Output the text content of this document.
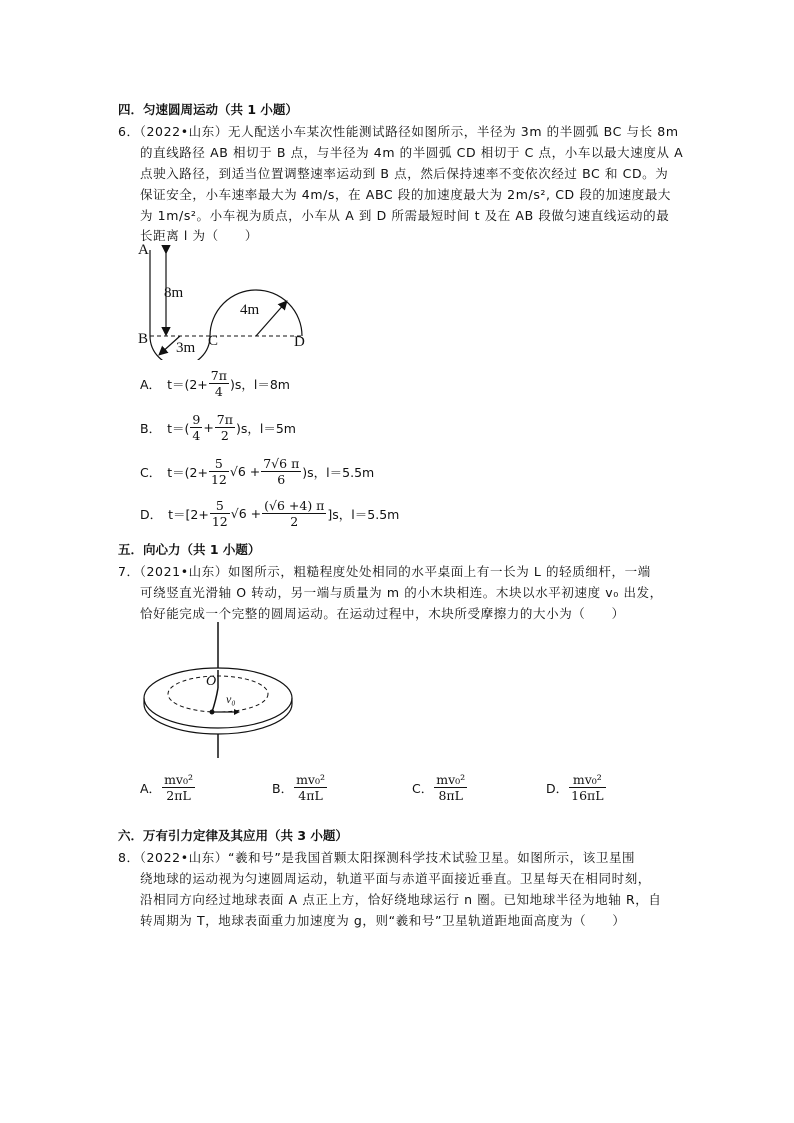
四．匀速圆周运动（共 1 小题）
6．（2022•山东）无人配送小车某次性能测试路径如图所示，半径为 3m 的半圆弧 BC 与长 8m
的直线路径 AB 相切于 B 点，与半径为 4m 的半圆弧 CD 相切于 C 点，小车以最大速度从 A
点驶入路径，到适当位置调整速率运动到 B 点，然后保持速率不变依次经过 BC 和 CD。为
保证安全，小车速率最大为 4m/s，在 ABC 段的加速度最大为 2m/s², CD 段的加速度最大
为 1m/s²。小车视为质点，小车从 A 到 D 所需最短时间 t 及在 AB 段做匀速直线运动的最
长距离 l 为（　　）
A
8m
B
3m C
4m
D
A． $t=(2+ \frac{7\pi}{4} )s$，l＝8m
B． $t=( \frac{9}{4} + \frac{7\pi}{2} )s$，l＝5m
C． $t=(2+ \frac{5}{12} √6 + \frac{7√6 \pi}{6} )s$，l＝5.5m
D． $t=[2+ \frac{5}{12} √6 + \frac{(√6 +4) \pi}{2} ]s$，l＝5.5m
五．向心力（共 1 小题）
7．（2021•山东）如图所示，粗糙程度处处相同的水平桌面上有一长为 L 的轻质细杆，一端
可绕竖直光滑轴 O 转动，另一端与质量为 m 的小木块相连。木块以水平初速度 v₀ 出发，
恰好能完成一个完整的圆周运动。在运动过程中，木块所受摩擦力的大小为（　　）
O
v₀
A． $\frac{\text{mv₀²}}{2\pi L}$	B． $\frac{\text{mv₀²}}{4\pi L}$	C． $\frac{\text{mv₀²}}{8\pi L}$	D． $\frac{\text{mv₀²}}{16\pi L}$
六．万有引力定律及其应用（共 3 小题）
8．（2022•山东）“羲和号”是我国首颗太阳探测科学技术试验卫星。如图所示，该卫星围
绕地球的运动视为匀速圆周运动，轨道平面与赤道平面接近垂直。卫星每天在相同时刻，
沿相同方向经过地球表面 A 点正上方，恰好绕地球运行 n 圈。已知地球半径为地轴 R，自
转周期为 T，地球表面重力加速度为 g，则“羲和号”卫星轨道距地面高度为（　　）
